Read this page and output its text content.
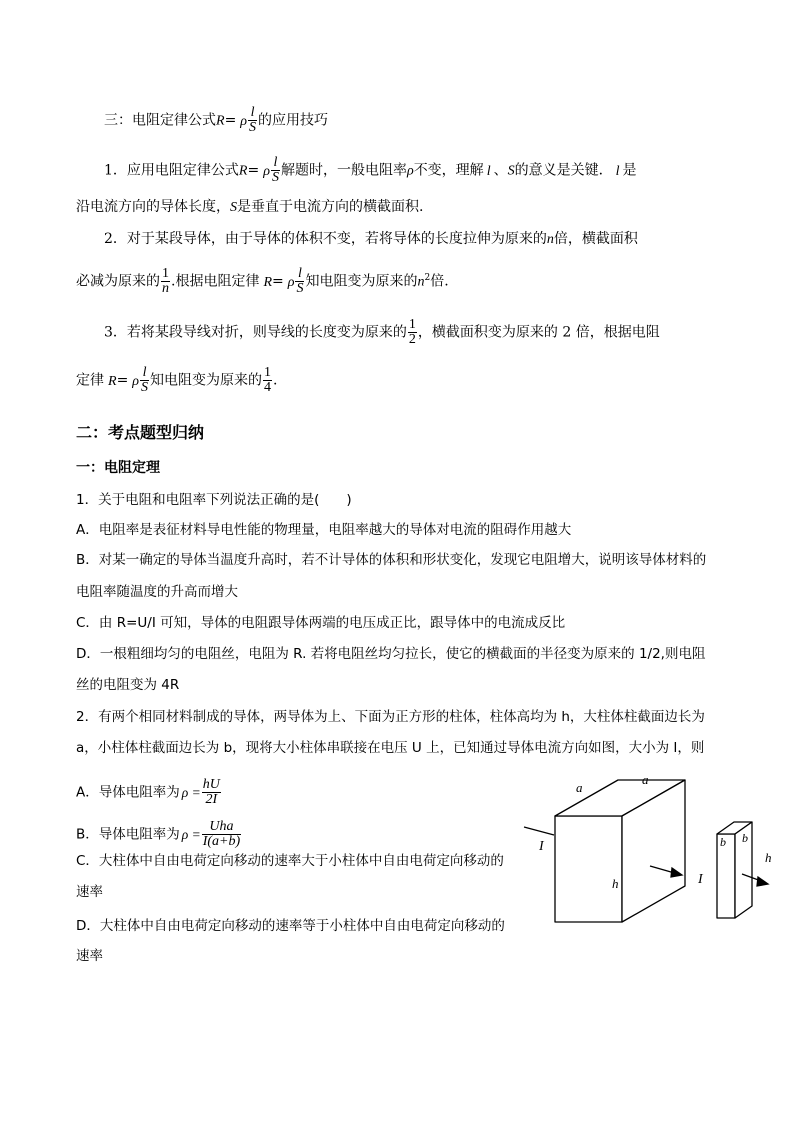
三：电阻定律公式R= ρ $\frac{l}{S}$ 的应用技巧
1．应用电阻定律公式R= ρ $\frac{l}{S}$ 解题时，一般电阻率ρ不变，理解 l 、S的意义是关键． l 是
沿电流方向的导体长度，S是垂直于电流方向的横截面积.
2．对于某段导体，由于导体的体积不变，若将导体的长度拉伸为原来的n倍，横截面积
必减为原来的 $\frac{1}{n}$ .根据电阻定律 R= ρ $\frac{l}{S}$ 知电阻变为原来的$n^2$倍.
3．若将某段导线对折，则导线的长度变为原来的 $\frac{1}{2}$ ，横截面积变为原来的 2 倍，根据电阻
定律 R= ρ $\frac{l}{S}$ 知电阻变为原来的 $\frac{1}{4}$ .
二：考点题型归纳
一：电阻定理
1．关于电阻和电阻率下列说法正确的是(　　)
A．电阻率是表征材料导电性能的物理量，电阻率越大的导体对电流的阻碍作用越大
B．对某一确定的导体当温度升高时，若不计导体的体积和形状变化，发现它电阻增大，说明该导体材料的
电阻率随温度的升高而增大
C．由 R=U/I 可知，导体的电阻跟导体两端的电压成正比，跟导体中的电流成反比
D．一根粗细均匀的电阻丝，电阻为 R. 若将电阻丝均匀拉长，使它的横截面的半径变为原来的 1/2,则电阻
丝的电阻变为 4R
2．有两个相同材料制成的导体，两导体为上、下面为正方形的柱体，柱体高均为 h，大柱体柱截面边长为
a，小柱体柱截面边长为 b，现将大小柱体串联接在电压 U 上，已知通过导体电流方向如图，大小为 I，则
A．导体电阻率为 $\rho = \frac{hU}{2I}$
B．导体电阻率为 $\rho = \frac{\text{Uha}}{I(a+b)}$
C．大柱体中自由电荷定向移动的速率大于小柱体中自由电荷定向移动的
速率
D．大柱体中自由电荷定向移动的速率等于小柱体中自由电荷定向移动的
速率
a
a
I
h	I
b b
h
